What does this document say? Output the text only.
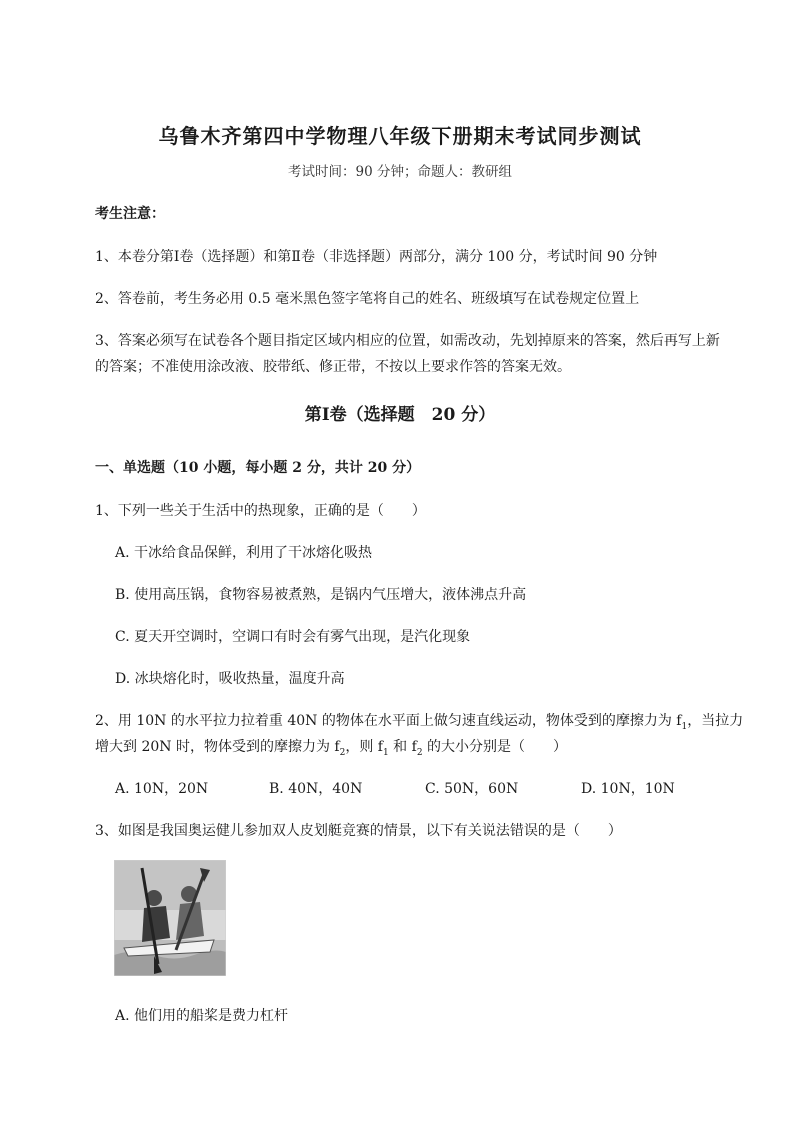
乌鲁木齐第四中学物理八年级下册期末考试同步测试
考试时间：90 分钟；命题人：教研组
考生注意：
1、本卷分第Ⅰ卷（选择题）和第Ⅱ卷（非选择题）两部分，满分 100 分，考试时间 90 分钟
2、答卷前，考生务必用 0.5 毫米黑色签字笔将自己的姓名、班级填写在试卷规定位置上
3、答案必须写在试卷各个题目指定区域内相应的位置，如需改动，先划掉原来的答案，然后再写上新
的答案；不准使用涂改液、胶带纸、修正带，不按以上要求作答的答案无效。
第Ⅰ卷（选择题　20 分）
一、单选题（10 小题，每小题 2 分，共计 20 分）
1、下列一些关于生活中的热现象，正确的是（　　）
A. 干冰给食品保鲜，利用了干冰熔化吸热
B. 使用高压锅，食物容易被煮熟，是锅内气压增大，液体沸点升高
C. 夏天开空调时，空调口有时会有雾气出现，是汽化现象
D. 冰块熔化时，吸收热量，温度升高
2、用 10N 的水平拉力拉着重 40N 的物体在水平面上做匀速直线运动，物体受到的摩擦力为 $f_1$，当拉力
增大到 20N 时，物体受到的摩擦力为 $f_2$，则 $f_1$ 和 $f_2$ 的大小分别是（　　）
A. 10N，20N	B. 40N，40N	C. 50N，60N	D. 10N，10N
3、如图是我国奥运健儿参加双人皮划艇竞赛的情景，以下有关说法错误的是（　　）
A. 他们用的船桨是费力杠杆
